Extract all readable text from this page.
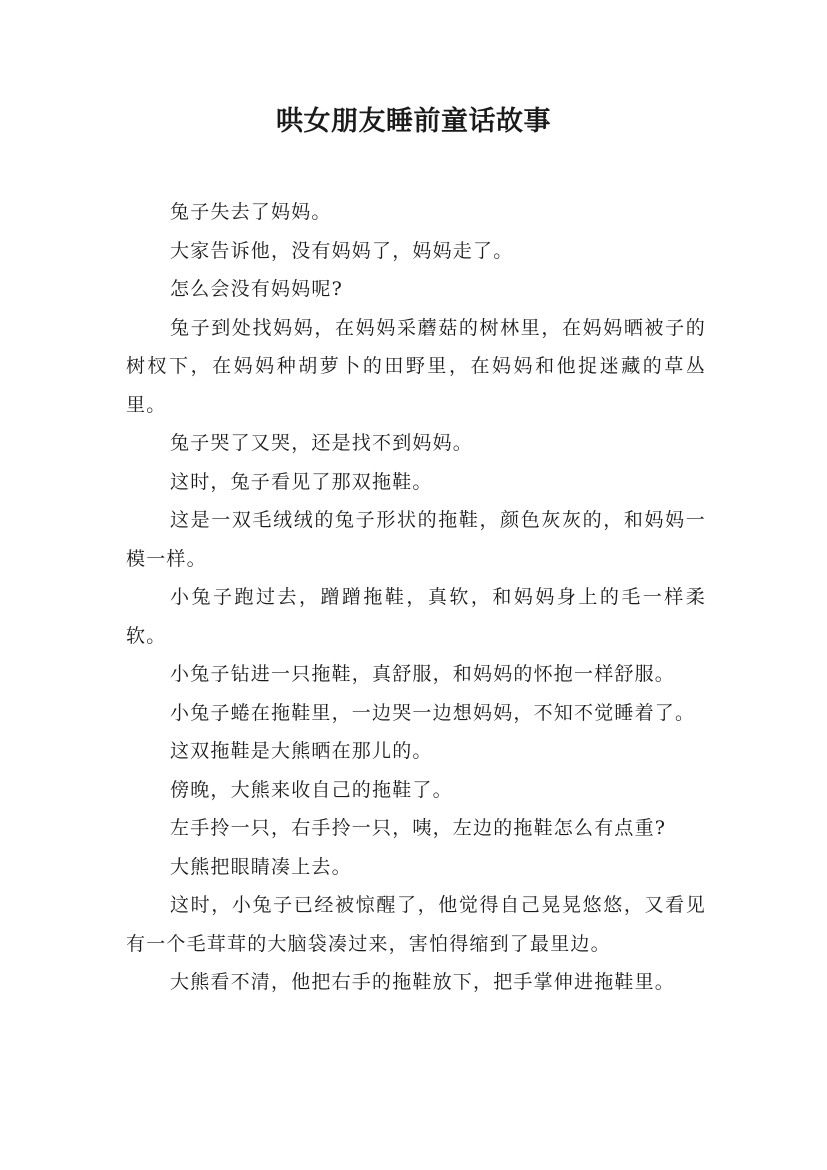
哄女朋友睡前童话故事

兔子失去了妈妈。

大家告诉他，没有妈妈了，妈妈走了。

怎么会没有妈妈呢?

兔子到处找妈妈，在妈妈采蘑菇的树林里，在妈妈晒被子的树杈下，在妈妈种胡萝卜的田野里，在妈妈和他捉迷藏的草丛里。

兔子哭了又哭，还是找不到妈妈。

这时，兔子看见了那双拖鞋。

这是一双毛绒绒的兔子形状的拖鞋，颜色灰灰的，和妈妈一模一样。

小兔子跑过去，蹭蹭拖鞋，真软，和妈妈身上的毛一样柔软。

小兔子钻进一只拖鞋，真舒服，和妈妈的怀抱一样舒服。

小兔子蜷在拖鞋里，一边哭一边想妈妈，不知不觉睡着了。

这双拖鞋是大熊晒在那儿的。

傍晚，大熊来收自己的拖鞋了。

左手拎一只，右手拎一只，咦，左边的拖鞋怎么有点重?

大熊把眼睛凑上去。

这时，小兔子已经被惊醒了，他觉得自己晃晃悠悠，又看见有一个毛茸茸的大脑袋凑过来，害怕得缩到了最里边。

大熊看不清，他把右手的拖鞋放下，把手掌伸进拖鞋里。
